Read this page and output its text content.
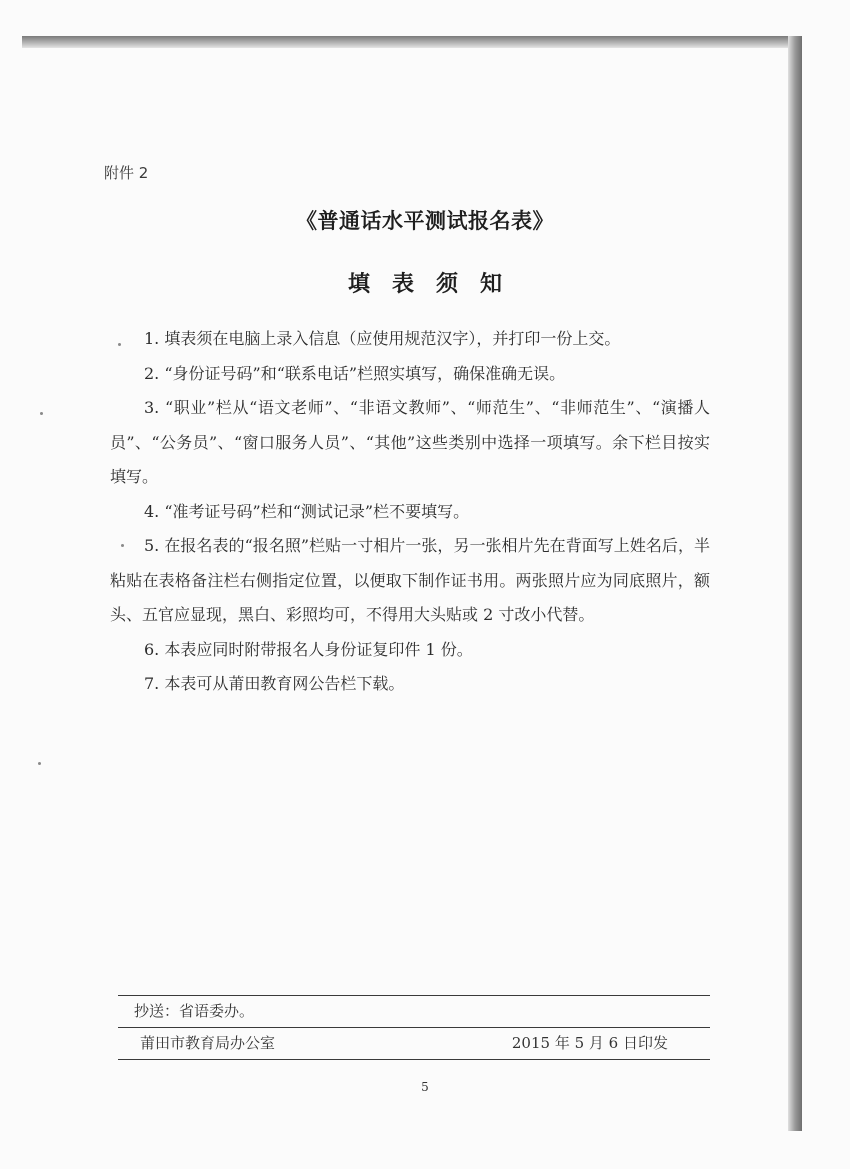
附件 2
《普通话水平测试报名表》
填表须知

1. 填表须在电脑上录入信息（应使用规范汉字），并打印一份上交。

2. “身份证号码”和“联系电话”栏照实填写，确保准确无误。

3. “职业”栏从“语文老师”、“非语文教师”、“师范生”、“非师范生”、“演播人员”、“公务员”、“窗口服务人员”、“其他”这些类别中选择一项填写。余下栏目按实填写。

4. “准考证号码”栏和“测试记录”栏不要填写。

5. 在报名表的“报名照”栏贴一寸相片一张，另一张相片先在背面写上姓名后，半粘贴在表格备注栏右侧指定位置，以便取下制作证书用。两张照片应为同底照片，额头、五官应显现，黑白、彩照均可，不得用大头贴或 2 寸改小代替。

6. 本表应同时附带报名人身份证复印件 1 份。

7. 本表可从莆田教育网公告栏下载。

抄送：省语委办。
莆田市教育局办公室	2015 年 5 月 6 日印发
5
